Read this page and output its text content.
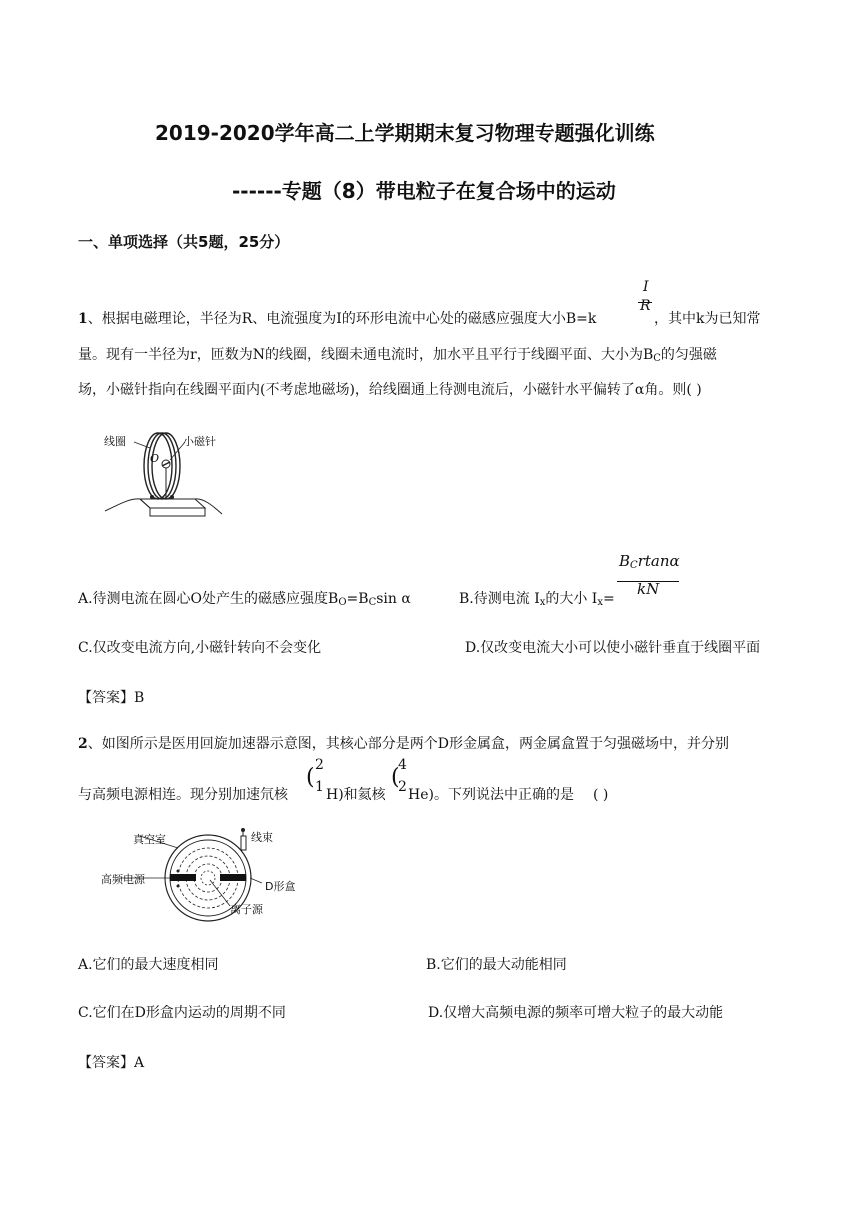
2019-2020学年高二上学期期末复习物理专题强化训练
------专题（8）带电粒子在复合场中的运动
一、单项选择（共5题，25分）
1、根据电磁理论，半径为R、电流强度为I的环形电流中心处的磁感应强度大小B=k
I
R
，其中k为已知常
量。现有一半径为r，匝数为N的线圈，线圈未通电流时，加水平且平行于线圈平面、大小为$B_C$的匀强磁
场，小磁针指向在线圈平面内(不考虑地磁场)，给线圈通上待测电流后，小磁针水平偏转了α角。则( )
线圈	小磁针
O
A.待测电流在圆心O处产生的磁感应强度$B_O=B_C\sin$ α	B.待测电流 $I_x$的大小 $I_x=$
$B_Crtan\alpha$
kN
C.仅改变电流方向,小磁针转向不会变化	D.仅改变电流大小可以使小磁针垂直于线圈平面
【答案】B
2、如图所示是医用回旋加速器示意图，其核心部分是两个D形金属盒，两金属盒置于匀强磁场中，并分别
与高频电源相连。现分别加速氘核
( 2
1 H)和氦核
(
4
2 He)。下列说法中正确的是 ( )
真空室	线束
高频电源
D形盒
离子源
A.它们的最大速度相同	B.它们的最大动能相同
C.它们在D形盒内运动的周期不同	D.仅增大高频电源的频率可增大粒子的最大动能
【答案】A
